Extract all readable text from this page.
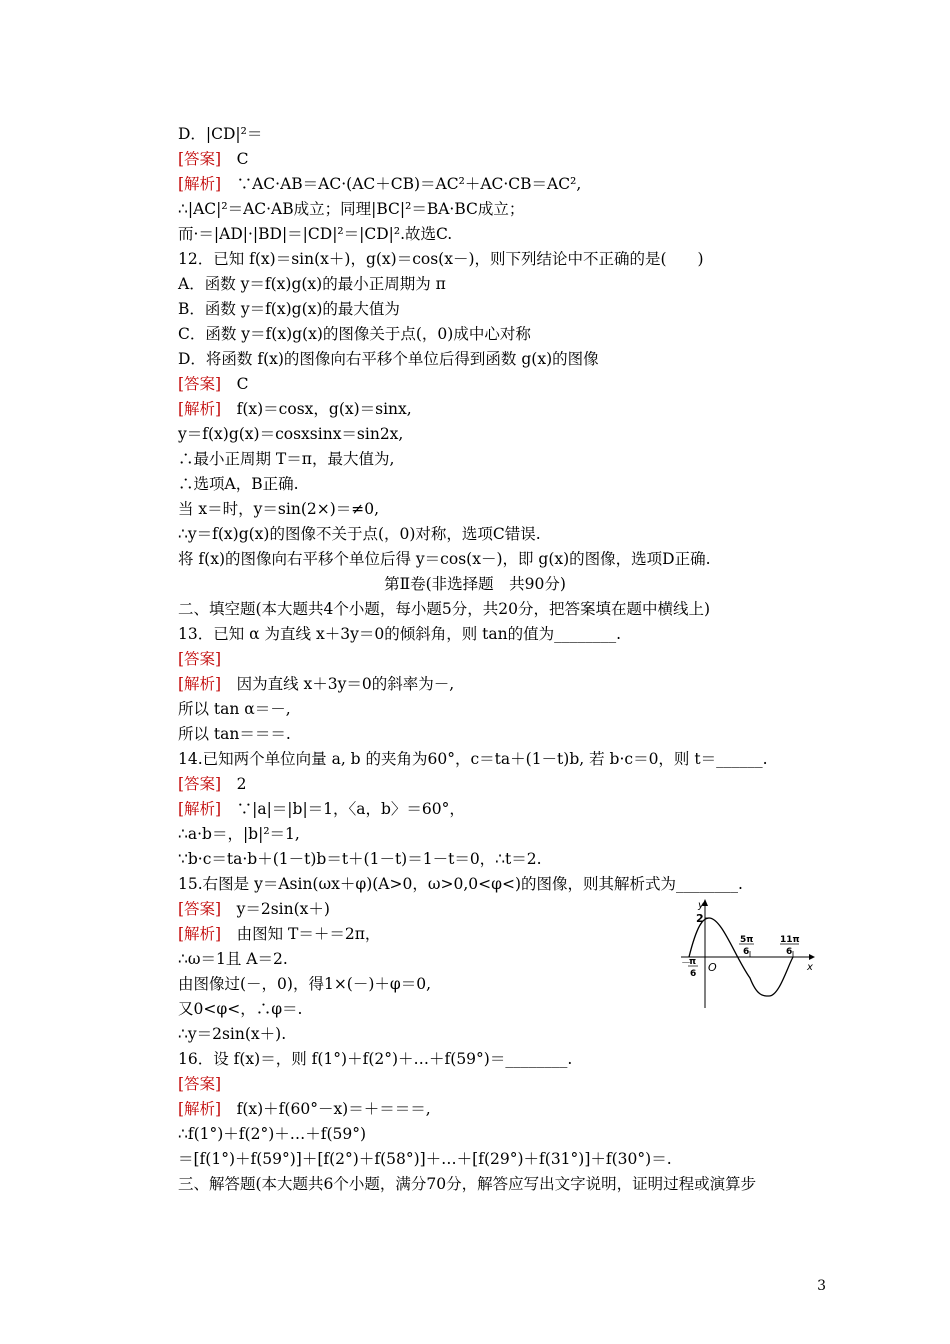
D．|CD|²＝
[答案]　C
[解析]　∵AC·AB＝AC·(AC＋CB)＝AC²＋AC·CB＝AC²,
∴|AC|²＝AC·AB成立；同理|BC|²＝BA·BC成立；
而·＝|AD|·|BD|＝|CD|²＝|CD|².故选C.
12．已知 f(x)＝sin(x＋)，g(x)＝cos(x－)，则下列结论中不正确的是(　　)
A．函数 y＝f(x)g(x)的最小正周期为 π
B．函数 y＝f(x)g(x)的最大值为
C．函数 y＝f(x)g(x)的图像关于点(，0)成中心对称
D．将函数 f(x)的图像向右平移个单位后得到函数 g(x)的图像
[答案]　C
[解析]　f(x)＝cosx，g(x)＝sinx,
y＝f(x)g(x)＝cosxsinx＝sin2x,
∴最小正周期 T＝π，最大值为,
∴选项A，B正确.
当 x＝时，y＝sin(2×)＝≠0,
∴y＝f(x)g(x)的图像不关于点(，0)对称，选项C错误.
将 f(x)的图像向右平移个单位后得 y＝cos(x－)，即 g(x)的图像，选项D正确.
二、填空题(本大题共4个小题，每小题5分，共20分，把答案填在题中横线上)
13．已知 α 为直线 x＋3y＝0的倾斜角，则 tan的值为________.
[答案]
[解析]　因为直线 x＋3y＝0的斜率为－,
所以 tan α＝－,
所以 tan＝＝＝.
14.已知两个单位向量 a, b 的夹角为60°，c＝ta＋(1－t)b, 若 b·c＝0，则 t＝______.
[答案]　2
[解析]　∵|a|＝|b|＝1，〈a，b〉＝60°，
∴a·b＝，|b|²＝1,
∵b·c＝ta·b＋(1－t)b＝t＋(1－t)＝1－t＝0，∴t＝2.
15.右图是 y＝Asin(ωx＋φ)(A>0，ω>0,0<φ<)的图像，则其解析式为________.
[答案]　y＝2sin(x＋)
[解析]　由图知 T＝＋＝2π，
∴ω＝1且 A＝2.
由图像过(－，0)，得1×(－)＋φ＝0,
又0<φ<，∴φ＝.
∴y＝2sin(x＋).
16．设 f(x)＝，则 f(1°)＋f(2°)＋…＋f(59°)＝________.
[答案]
[解析]　f(x)＋f(60°－x)＝＋＝＝＝,
∴f(1°)＋f(2°)＋…＋f(59°)
＝[f(1°)＋f(59°)]＋[f(2°)＋f(58°)]＋…＋[f(29°)＋f(31°)]＋f(30°)＝.
三、解答题(本大题共6个小题，满分70分，解答应写出文字说明，证明过程或演算步
第Ⅱ卷(非选择题　共90分)
y
x
O
2
－
π
6
5π
6
11π
6
3
